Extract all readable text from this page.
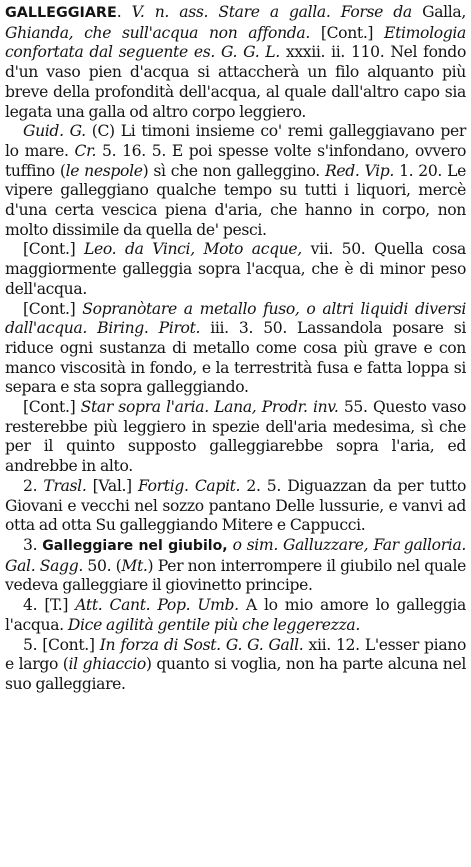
GALLEGGIARE. V. n. ass. Stare a galla. Forse da Galla, Ghianda, che sull'acqua non affonda. [Cont.] Etimologia confortata dal seguente es. G. G. L. xxxii. ii. 110. Nel fondo d'un vaso pien d'acqua si attaccherà un filo alquanto più breve della profondità dell'acqua, al quale dall'altro capo sia legata una galla od altro corpo leggiero.

Guid. G. (C) Li timoni insieme co' remi galleggiavano per lo mare. Cr. 5. 16. 5. E poi spesse volte s'infondano, ovvero tuffino (le nespole) sì che non galleggino. Red. Vip. 1. 20. Le vipere galleggiano qualche tempo su tutti i liquori, mercè d'una certa vescica piena d'aria, che hanno in corpo, non molto dissimile da quella de' pesci.

[Cont.] Leo. da Vinci, Moto acque, vii. 50. Quella cosa maggiormente galleggia sopra l'acqua, che è di minor peso dell'acqua.

[Cont.] Sopranòtare a metallo fuso, o altri liquidi diversi dall'acqua. Biring. Pirot. iii. 3. 50. Lassandola posare si riduce ogni sustanza di metallo come cosa più grave e con manco viscosità in fondo, e la terrestrità fusa e fatta loppa si separa e sta sopra galleggiando.

[Cont.] Star sopra l'aria. Lana, Prodr. inv. 55. Questo vaso resterebbe più leggiero in spezie dell'aria medesima, sì che per il quinto supposto galleggiarebbe sopra l'aria, ed andrebbe in alto.

2. Trasl. [Val.] Fortig. Capit. 2. 5. Diguazzan da per tutto Giovani e vecchi nel sozzo pantano Delle lussurie, e vanvi ad otta ad otta Su galleggiando Mitere e Cappucci.

3. Galleggiare nel giubilo, o sim. Galluzzare, Far galloria. Gal. Sagg. 50. (Mt.) Per non interrompere il giubilo nel quale vedeva galleggiare il giovinetto principe.

4. [T.] Att. Cant. Pop. Umb. A lo mio amore lo galleggia l'acqua. Dice agilità gentile più che leggerezza.

5. [Cont.] In forza di Sost. G. G. Gall. xii. 12. L'esser piano e largo (il ghiaccio) quanto si voglia, non ha parte alcuna nel suo galleggiare.
